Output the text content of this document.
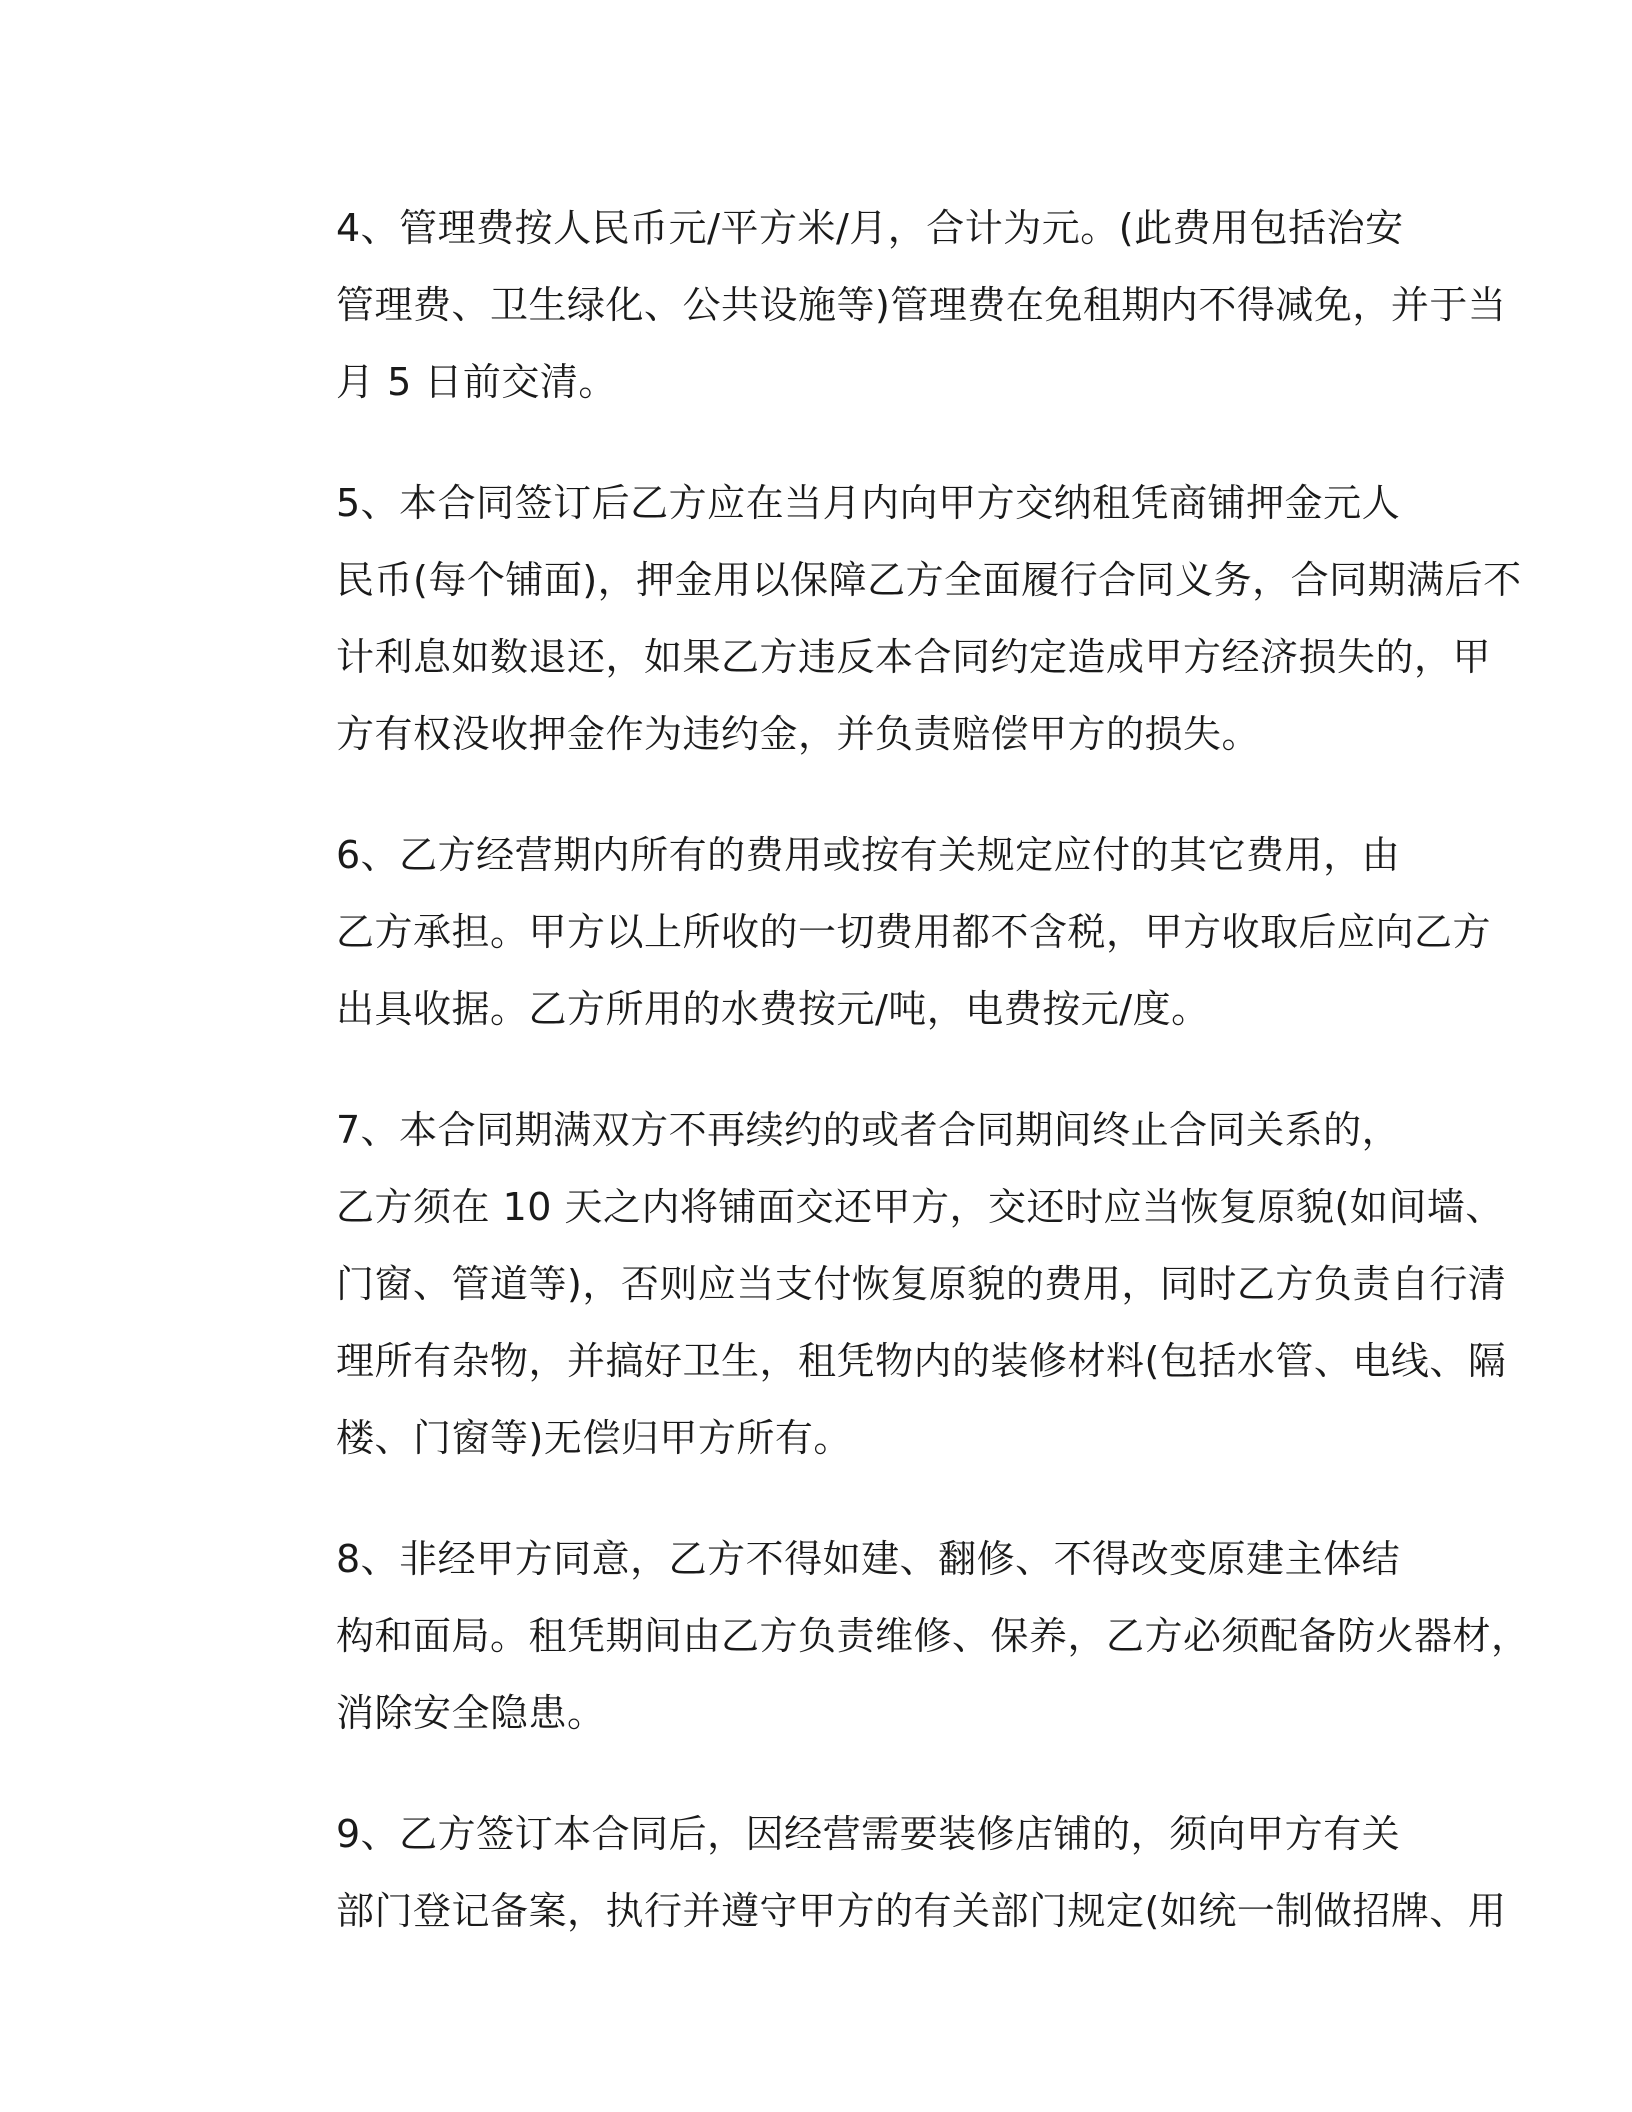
4、管理费按人民币元/平方米/月，合计为元。(此费用包括治安
管理费、卫生绿化、公共设施等)管理费在免租期内不得减免，并于当
月 5 日前交清。
5、本合同签订后乙方应在当月内向甲方交纳租凭商铺押金元人
民币(每个铺面)，押金用以保障乙方全面履行合同义务，合同期满后不
计利息如数退还，如果乙方违反本合同约定造成甲方经济损失的，甲
方有权没收押金作为违约金，并负责赔偿甲方的损失。
6、乙方经营期内所有的费用或按有关规定应付的其它费用，由
乙方承担。甲方以上所收的一切费用都不含税，甲方收取后应向乙方
出具收据。乙方所用的水费按元/吨，电费按元/度。
7、本合同期满双方不再续约的或者合同期间终止合同关系的，
乙方须在 10 天之内将铺面交还甲方，交还时应当恢复原貌(如间墙、
门窗、管道等)，否则应当支付恢复原貌的费用，同时乙方负责自行清
理所有杂物，并搞好卫生，租凭物内的装修材料(包括水管、电线、隔
楼、门窗等)无偿归甲方所有。
8、非经甲方同意，乙方不得如建、翻修、不得改变原建主体结
构和面局。租凭期间由乙方负责维修、保养，乙方必须配备防火器材，
消除安全隐患。
9、乙方签订本合同后，因经营需要装修店铺的，须向甲方有关
部门登记备案，执行并遵守甲方的有关部门规定(如统一制做招牌、用
